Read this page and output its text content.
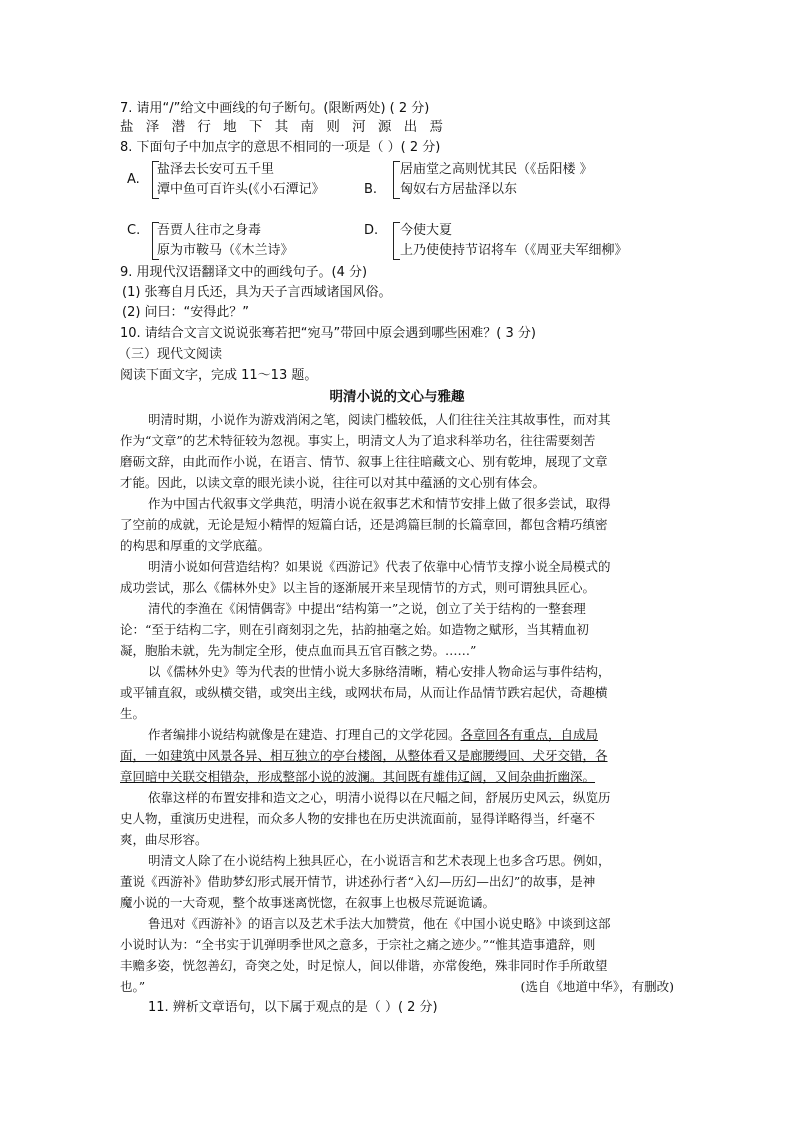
7. 请用“/”给文中画线的句子断句。(限断两处) ( 2 分)
盐 泽 潜 行 地 下 其 南 则 河 源 出 焉
8. 下面句子中加点字的意思不相同的一项是（ ）( 2 分)
A.
盐泽去长安可五千里
潭中鱼可百许头(《小石潭记》	B.
居庙堂之高则忧其民（《岳阳楼 》
匈奴右方居盐泽以东
C. 吾贾人往市之身毒
原为市鞍马（《木兰诗》
D. 今使大夏
上乃使使持节诏将车（《周亚夫军细柳》
9. 用现代汉语翻译文中的画线句子。(4 分)
(1) 张骞自月氏还，具为天子言西域诸国风俗。
(2) 问曰：“安得此？”
10. 请结合文言文说说张骞若把“宛马”带回中原会遇到哪些困难？( 3 分)
（三）现代文阅读
阅读下面文字，完成 11～13 题。
明清小说的文心与雅趣
明清时期，小说作为游戏消闲之笔，阅读门槛较低，人们往往关注其故事性，而对其
作为“文章”的艺术特征较为忽视。事实上，明清文人为了追求科举功名，往往需要刻苦
磨砺文辞，由此而作小说，在语言、情节、叙事上往往暗藏文心、别有乾坤，展现了文章
才能。因此，以读文章的眼光读小说，往往可以对其中蕴涵的文心别有体会。
作为中国古代叙事文学典范，明清小说在叙事艺术和情节安排上做了很多尝试，取得
了空前的成就，无论是短小精悍的短篇白话，还是鸿篇巨制的长篇章回，都包含精巧缜密
的构思和厚重的文学底蕴。
明清小说如何营造结构？如果说《西游记》代表了依靠中心情节支撑小说全局模式的
成功尝试，那么《儒林外史》以主旨的逐渐展开来呈现情节的方式，则可谓独具匠心。
清代的李渔在《闲情偶寄》中提出“结构第一”之说，创立了关于结构的一整套理
论：“至于结构二字，则在引商刻羽之先，拈韵抽毫之始。如造物之赋形，当其精血初
凝，胞胎未就，先为制定全形，使点血而具五官百骸之势。……”
以《儒林外史》等为代表的世情小说大多脉络清晰，精心安排人物命运与事件结构，
或平铺直叙，或纵横交错，或突出主线，或网状布局，从而让作品情节跌宕起伏，奇趣横
生。
作者编排小说结构就像是在建造、打理自己的文学花园。各章回各有重点，自成局
面，一如建筑中风景各异、相互独立的亭台楼阁，从整体看又是廊腰缦回、犬牙交错，各
章回暗中关联交相错杂，形成整部小说的波澜。其间既有雄伟辽阔，又间杂曲折幽深。
依靠这样的布置安排和造文之心，明清小说得以在尺幅之间，舒展历史风云，纵览历
史人物，重演历史进程，而众多人物的安排也在历史洪流面前，显得详略得当，纤毫不
爽，曲尽形容。
明清文人除了在小说结构上独具匠心，在小说语言和艺术表现上也多含巧思。例如，
董说《西游补》借助梦幻形式展开情节，讲述孙行者“入幻—历幻—出幻”的故事，是神
魔小说的一大奇观，整个故事迷离恍惚，在叙事上也极尽荒诞诡谲。
鲁迅对《西游补》的语言以及艺术手法大加赞赏，他在《中国小说史略》中谈到这部
小说时认为：“全书实于讥弹明季世风之意多，于宗社之痛之迹少。”“惟其造事遣辞，则
丰赡多姿，恍忽善幻，奇突之处，时足惊人，间以俳谐，亦常俊绝，殊非同时作手所敢望
也。”	(选自《地道中华》，有删改)
11. 辨析文章语句，以下属于观点的是（ ）( 2 分)
